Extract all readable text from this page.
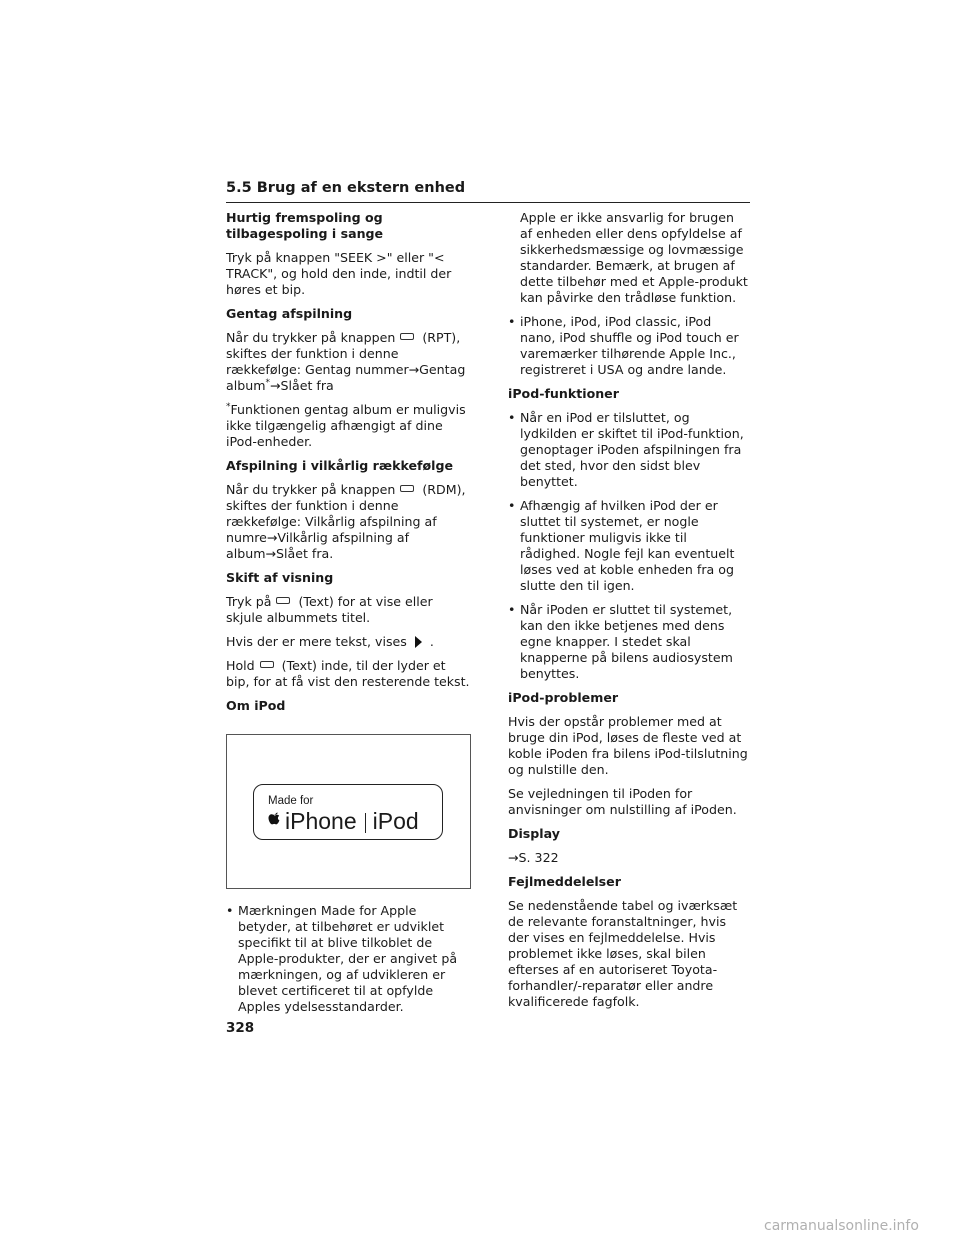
5.5 Brug af en ekstern enhed
Hurtig fremspoling og tilbagespoling i sange

Tryk på knappen "SEEK >" eller "< TRACK", og hold den inde, indtil der høres et bip.

Gentag afspilning

Når du trykker på knappen (RPT), skiftes der funktion i denne rækkefølge: Gentag nummer→Gentag album*→Slået fra

*Funktionen gentag album er muligvis ikke tilgængelig afhængigt af dine iPod-enheder.

Afspilning i vilkårlig rækkefølge

Når du trykker på knappen (RDM), skiftes der funktion i denne rækkefølge: Vilkårlig afspilning af numre→Vilkårlig afspilning af album→Slået fra.

Skift af visning

Tryk på (Text) for at vise eller skjule albummets titel.

Hvis der er mere tekst, vises .

Hold (Text) inde, til der lyder et bip, for at få vist den resterende tekst.

Om iPod
Made for
iPhone iPod
• Mærkningen Made for Apple betyder, at tilbehøret er udviklet specifikt til at blive tilkoblet de Apple-produkter, der er angivet på mærkningen, og af udvikleren er blevet certificeret til at opfylde Apples ydelsesstandarder.

Apple er ikke ansvarlig for brugen af enheden eller dens opfyldelse af sikkerhedsmæssige og lovmæssige standarder. Bemærk, at brugen af dette tilbehør med et Apple-produkt kan påvirke den trådløse funktion.

• iPhone, iPod, iPod classic, iPod nano, iPod shuffle og iPod touch er varemærker tilhørende Apple Inc., registreret i USA og andre lande.
iPod-funktioner
• Når en iPod er tilsluttet, og lydkilden er skiftet til iPod-funktion, genoptager iPoden afspilningen fra det sted, hvor den sidst blev benyttet.
• Afhængig af hvilken iPod der er sluttet til systemet, er nogle funktioner muligvis ikke til rådighed. Nogle fejl kan eventuelt løses ved at koble enheden fra og slutte den til igen.
• Når iPoden er sluttet til systemet, kan den ikke betjenes med dens egne knapper. I stedet skal knapperne på bilens audiosystem benyttes.
iPod-problemer

Hvis der opstår problemer med at bruge din iPod, løses de fleste ved at koble iPoden fra bilens iPod-tilslutning og nulstille den.

Se vejledningen til iPoden for anvisninger om nulstilling af iPoden.

Display

→S. 322

Fejlmeddelelser

Se nedenstående tabel og iværksæt de relevante foranstaltninger, hvis der vises en fejlmeddelelse. Hvis problemet ikke løses, skal bilen efterses af en autoriseret Toyota-forhandler/-reparatør eller andre kvalificerede fagfolk.

328
carmanualsonline.info
